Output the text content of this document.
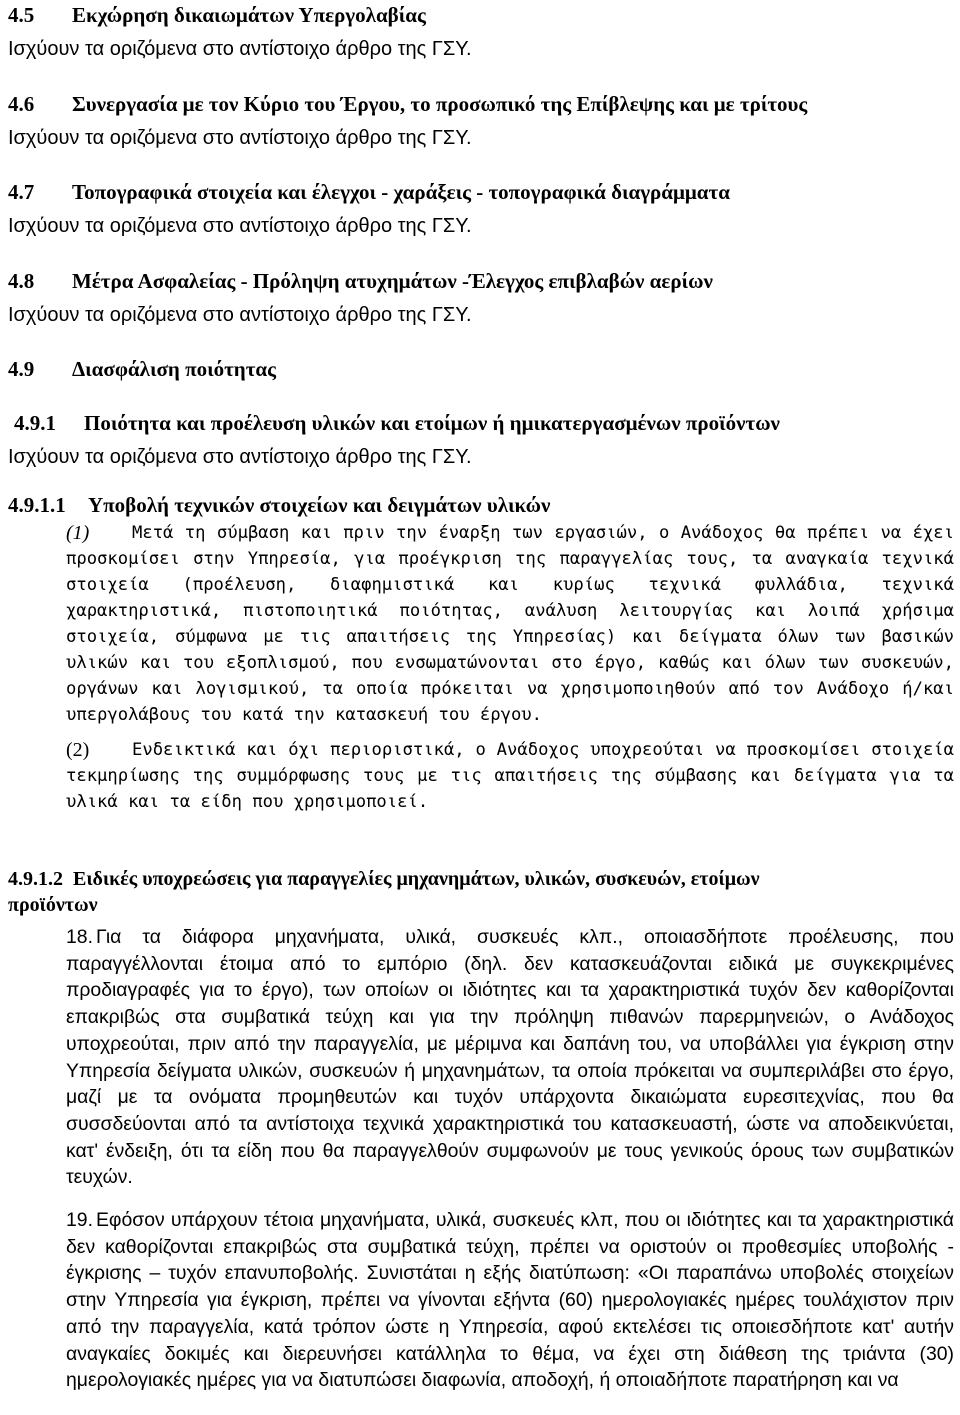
4.5 Εκχώρηση δικαιωμάτων Υπεργολαβίας
Ισχύουν τα οριζόμενα στο αντίστοιχο άρθρο της ΓΣΥ.
4.6 Συνεργασία με τον Κύριο του Έργου, το προσωπικό της Επίβλεψης και με τρίτους
Ισχύουν τα οριζόμενα στο αντίστοιχο άρθρο της ΓΣΥ.
4.7 Τοπογραφικά στοιχεία και έλεγχοι - χαράξεις - τοπογραφικά διαγράμματα
Ισχύουν τα οριζόμενα στο αντίστοιχο άρθρο της ΓΣΥ.
4.8 Μέτρα Ασφαλείας - Πρόληψη ατυχημάτων -Έλεγχος επιβλαβών αερίων
Ισχύουν τα οριζόμενα στο αντίστοιχο άρθρο της ΓΣΥ.
4.9 Διασφάλιση ποιότητας
4.9.1 Ποιότητα και προέλευση υλικών και ετοίμων ή ημικατεργασμένων προϊόντων
Ισχύουν τα οριζόμενα στο αντίστοιχο άρθρο της ΓΣΥ.
4.9.1.1 Υποβολή τεχνικών στοιχείων και δειγμάτων υλικών
(1) Μετά τη σύμβαση και πριν την έναρξη των εργασιών, ο Ανάδοχος θα πρέπει να έχει προσκομίσει στην Υπηρεσία, για προέγκριση της παραγγελίας τους, τα αναγκαία τεχνικά στοιχεία (προέλευση, διαφημιστικά και κυρίως τεχνικά φυλλάδια, τεχνικά χαρακτηριστικά, πιστοποιητικά ποιότητας, ανάλυση λειτουργίας και λοιπά χρήσιμα στοιχεία, σύμφωνα με τις απαιτήσεις της Υπηρεσίας) και δείγματα όλων των βασικών υλικών και του εξοπλισμού, που ενσωματώνονται στο έργο, καθώς και όλων των συσκευών, οργάνων και λογισμικού, τα οποία πρόκειται να χρησιμοποιηθούν από τον Ανάδοχο ή/και υπεργολάβους του κατά την κατασκευή του έργου.
(2) Ενδεικτικά και όχι περιοριστικά, ο Ανάδοχος υποχρεούται να προσκομίσει στοιχεία τεκμηρίωσης της συμμόρφωσης τους με τις απαιτήσεις της σύμβασης και δείγματα για τα υλικά και τα είδη που χρησιμοποιεί.
4.9.1.2 Ειδικές υποχρεώσεις για παραγγελίες μηχανημάτων, υλικών, συσκευών, ετοίμων
προϊόντων
18. Για τα διάφορα μηχανήματα, υλικά, συσκευές κλπ., οποιασδήποτε προέλευσης, που παραγγέλλονται έτοιμα από το εμπόριο (δηλ. δεν κατασκευάζονται ειδικά με συγκεκριμένες προδιαγραφές για το έργο), των οποίων οι ιδιότητες και τα χαρακτηριστικά τυχόν δεν καθορίζονται επακριβώς στα συμβατικά τεύχη και για την πρόληψη πιθανών παρερμηνειών, ο Ανάδοχος υποχρεούται, πριν από την παραγγελία, με μέριμνα και δαπάνη του, να υποβάλλει για έγκριση στην Υπηρεσία δείγματα υλικών, συσκευών ή μηχανημάτων, τα οποία πρόκειται να συμπεριλάβει στο έργο, μαζί με τα ονόματα προμηθευτών και τυχόν υπάρχοντα δικαιώματα ευρεσιτεχνίας, που θα συσσδεύονται από τα αντίστοιχα τεχνικά χαρακτηριστικά του κατασκευαστή, ώστε να αποδεικνύεται, κατ' ένδειξη, ότι τα είδη που θα παραγγελθούν συμφωνούν με τους γενικούς όρους των συμβατικών τευχών.
19. Εφόσον υπάρχουν τέτοια μηχανήματα, υλικά, συσκευές κλπ, που οι ιδιότητες και τα χαρακτηριστικά δεν καθορίζονται επακριβώς στα συμβατικά τεύχη, πρέπει να οριστούν οι προθεσμίες υποβολής - έγκρισης – τυχόν επανυποβολής. Συνιστάται η εξής διατύπωση: «Οι παραπάνω υποβολές στοιχείων στην Υπηρεσία για έγκριση, πρέπει να γίνονται εξήντα (60) ημερολογιακές ημέρες τουλάχιστον πριν από την παραγγελία, κατά τρόπον ώστε η Υπηρεσία, αφού εκτελέσει τις οποιεσδήποτε κατ' αυτήν αναγκαίες δοκιμές και διερευνήσει κατάλληλα το θέμα, να έχει στη διάθεση της τριάντα (30) ημερολογιακές ημέρες για να διατυπώσει διαφωνία, αποδοχή, ή οποιαδήποτε παρατήρηση και να
